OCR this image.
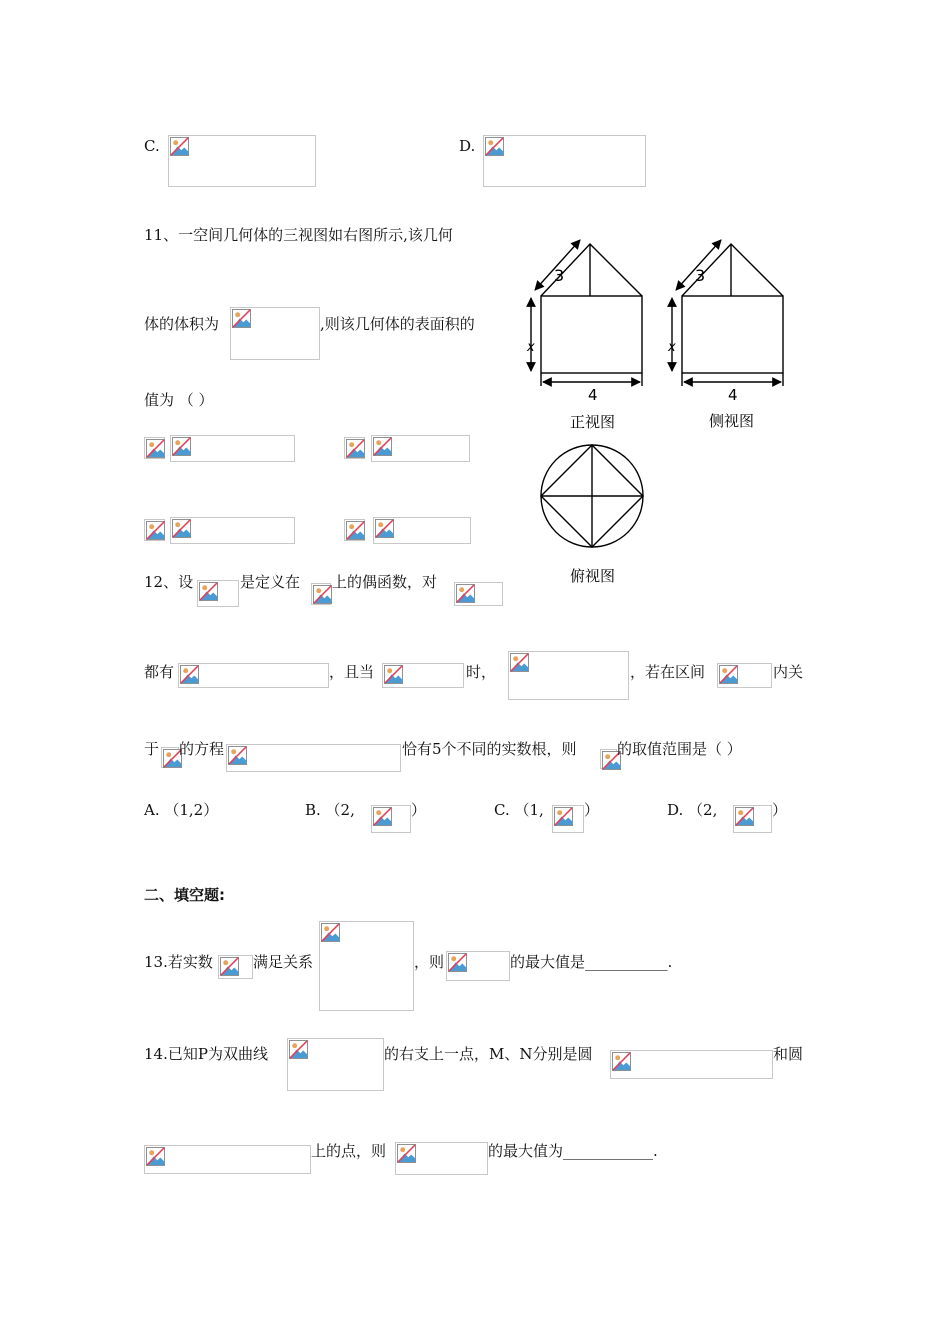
C.	D.
11、一空间几何体的三视图如右图所示,该几何
体的体积为	,则该几何体的表面积的
值为 （ ）
3
x
4
正视图
3
x
4
侧视图
俯视图
12、设	是定义在 上的偶函数，对
都有	，且当	时，	，若在区间	内关
于 的方程	恰有5个不同的实数根，则	的取值范围是（ ）
A. （1,2）	B. （2,	）	C. （1,	）	D. （2,	）
二、填空题:
13.若实数	满足关系	，则	的最大值是___________.
14.已知P为双曲线	的右支上一点，M、N分别是圆	和圆
上的点，则	的最大值为____________.
